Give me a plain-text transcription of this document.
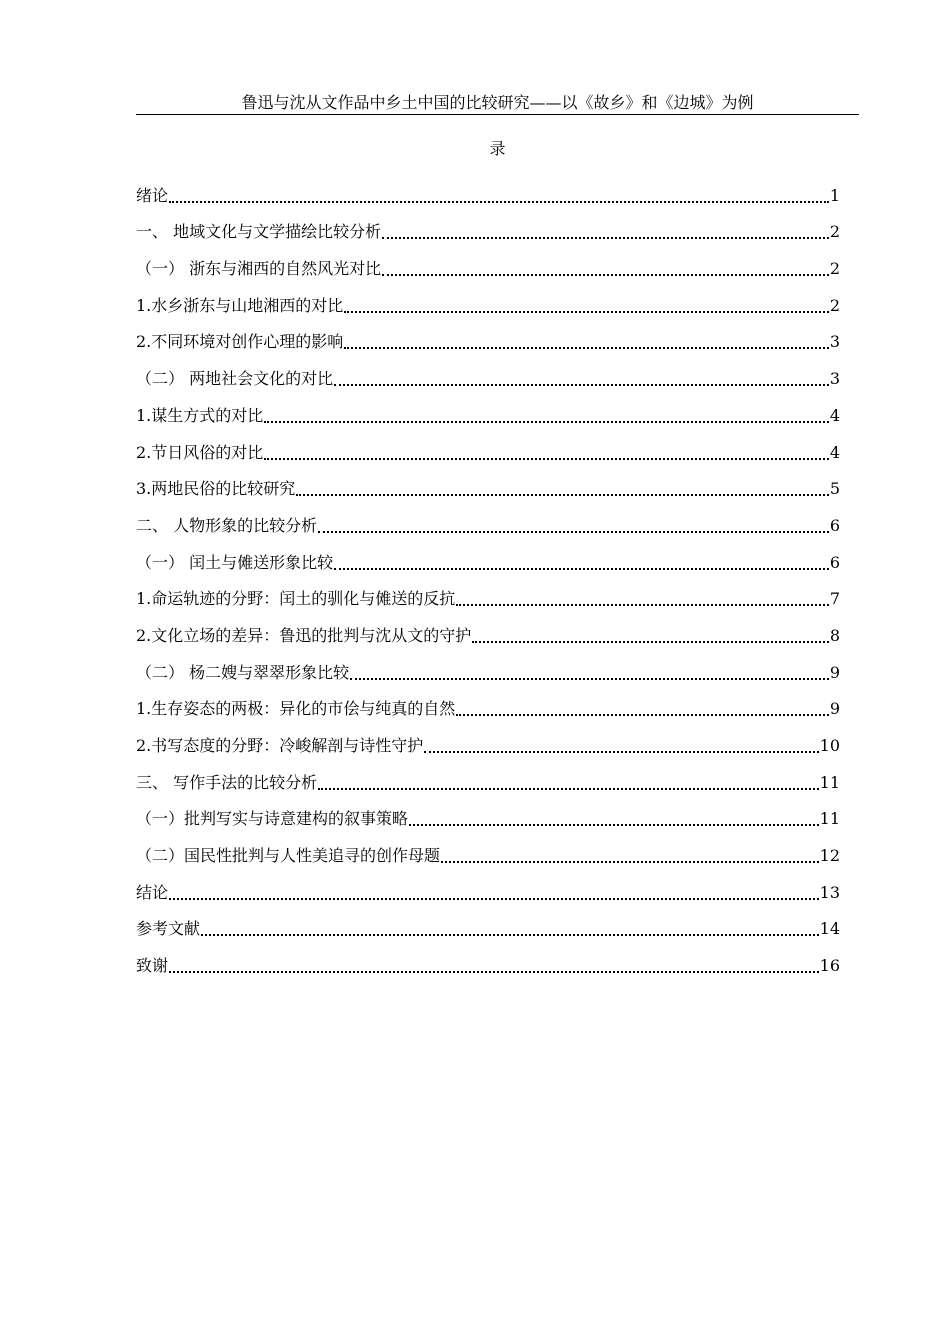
鲁迅与沈从文作品中乡土中国的比较研究——以《故乡》和《边城》为例
录
绪论	1
一、 地域文化与文学描绘比较分析	2
（一） 浙东与湘西的自然风光对比	2
1.水乡浙东与山地湘西的对比	2
2.不同环境对创作心理的影响	3
（二） 两地社会文化的对比	3
1.谋生方式的对比	4
2.节日风俗的对比	4
3.两地民俗的比较研究	5
二、 人物形象的比较分析	6
（一） 闰土与傩送形象比较	6
1.命运轨迹的分野：闰土的驯化与傩送的反抗	7
2.文化立场的差异：鲁迅的批判与沈从文的守护	8
（二） 杨二嫂与翠翠形象比较	9
1.生存姿态的两极：异化的市侩与纯真的自然	9
2.书写态度的分野：冷峻解剖与诗性守护	10
三、 写作手法的比较分析	11
（一）批判写实与诗意建构的叙事策略	11
（二）国民性批判与人性美追寻的创作母题	12
结论	13
参考文献	14
致谢	16
